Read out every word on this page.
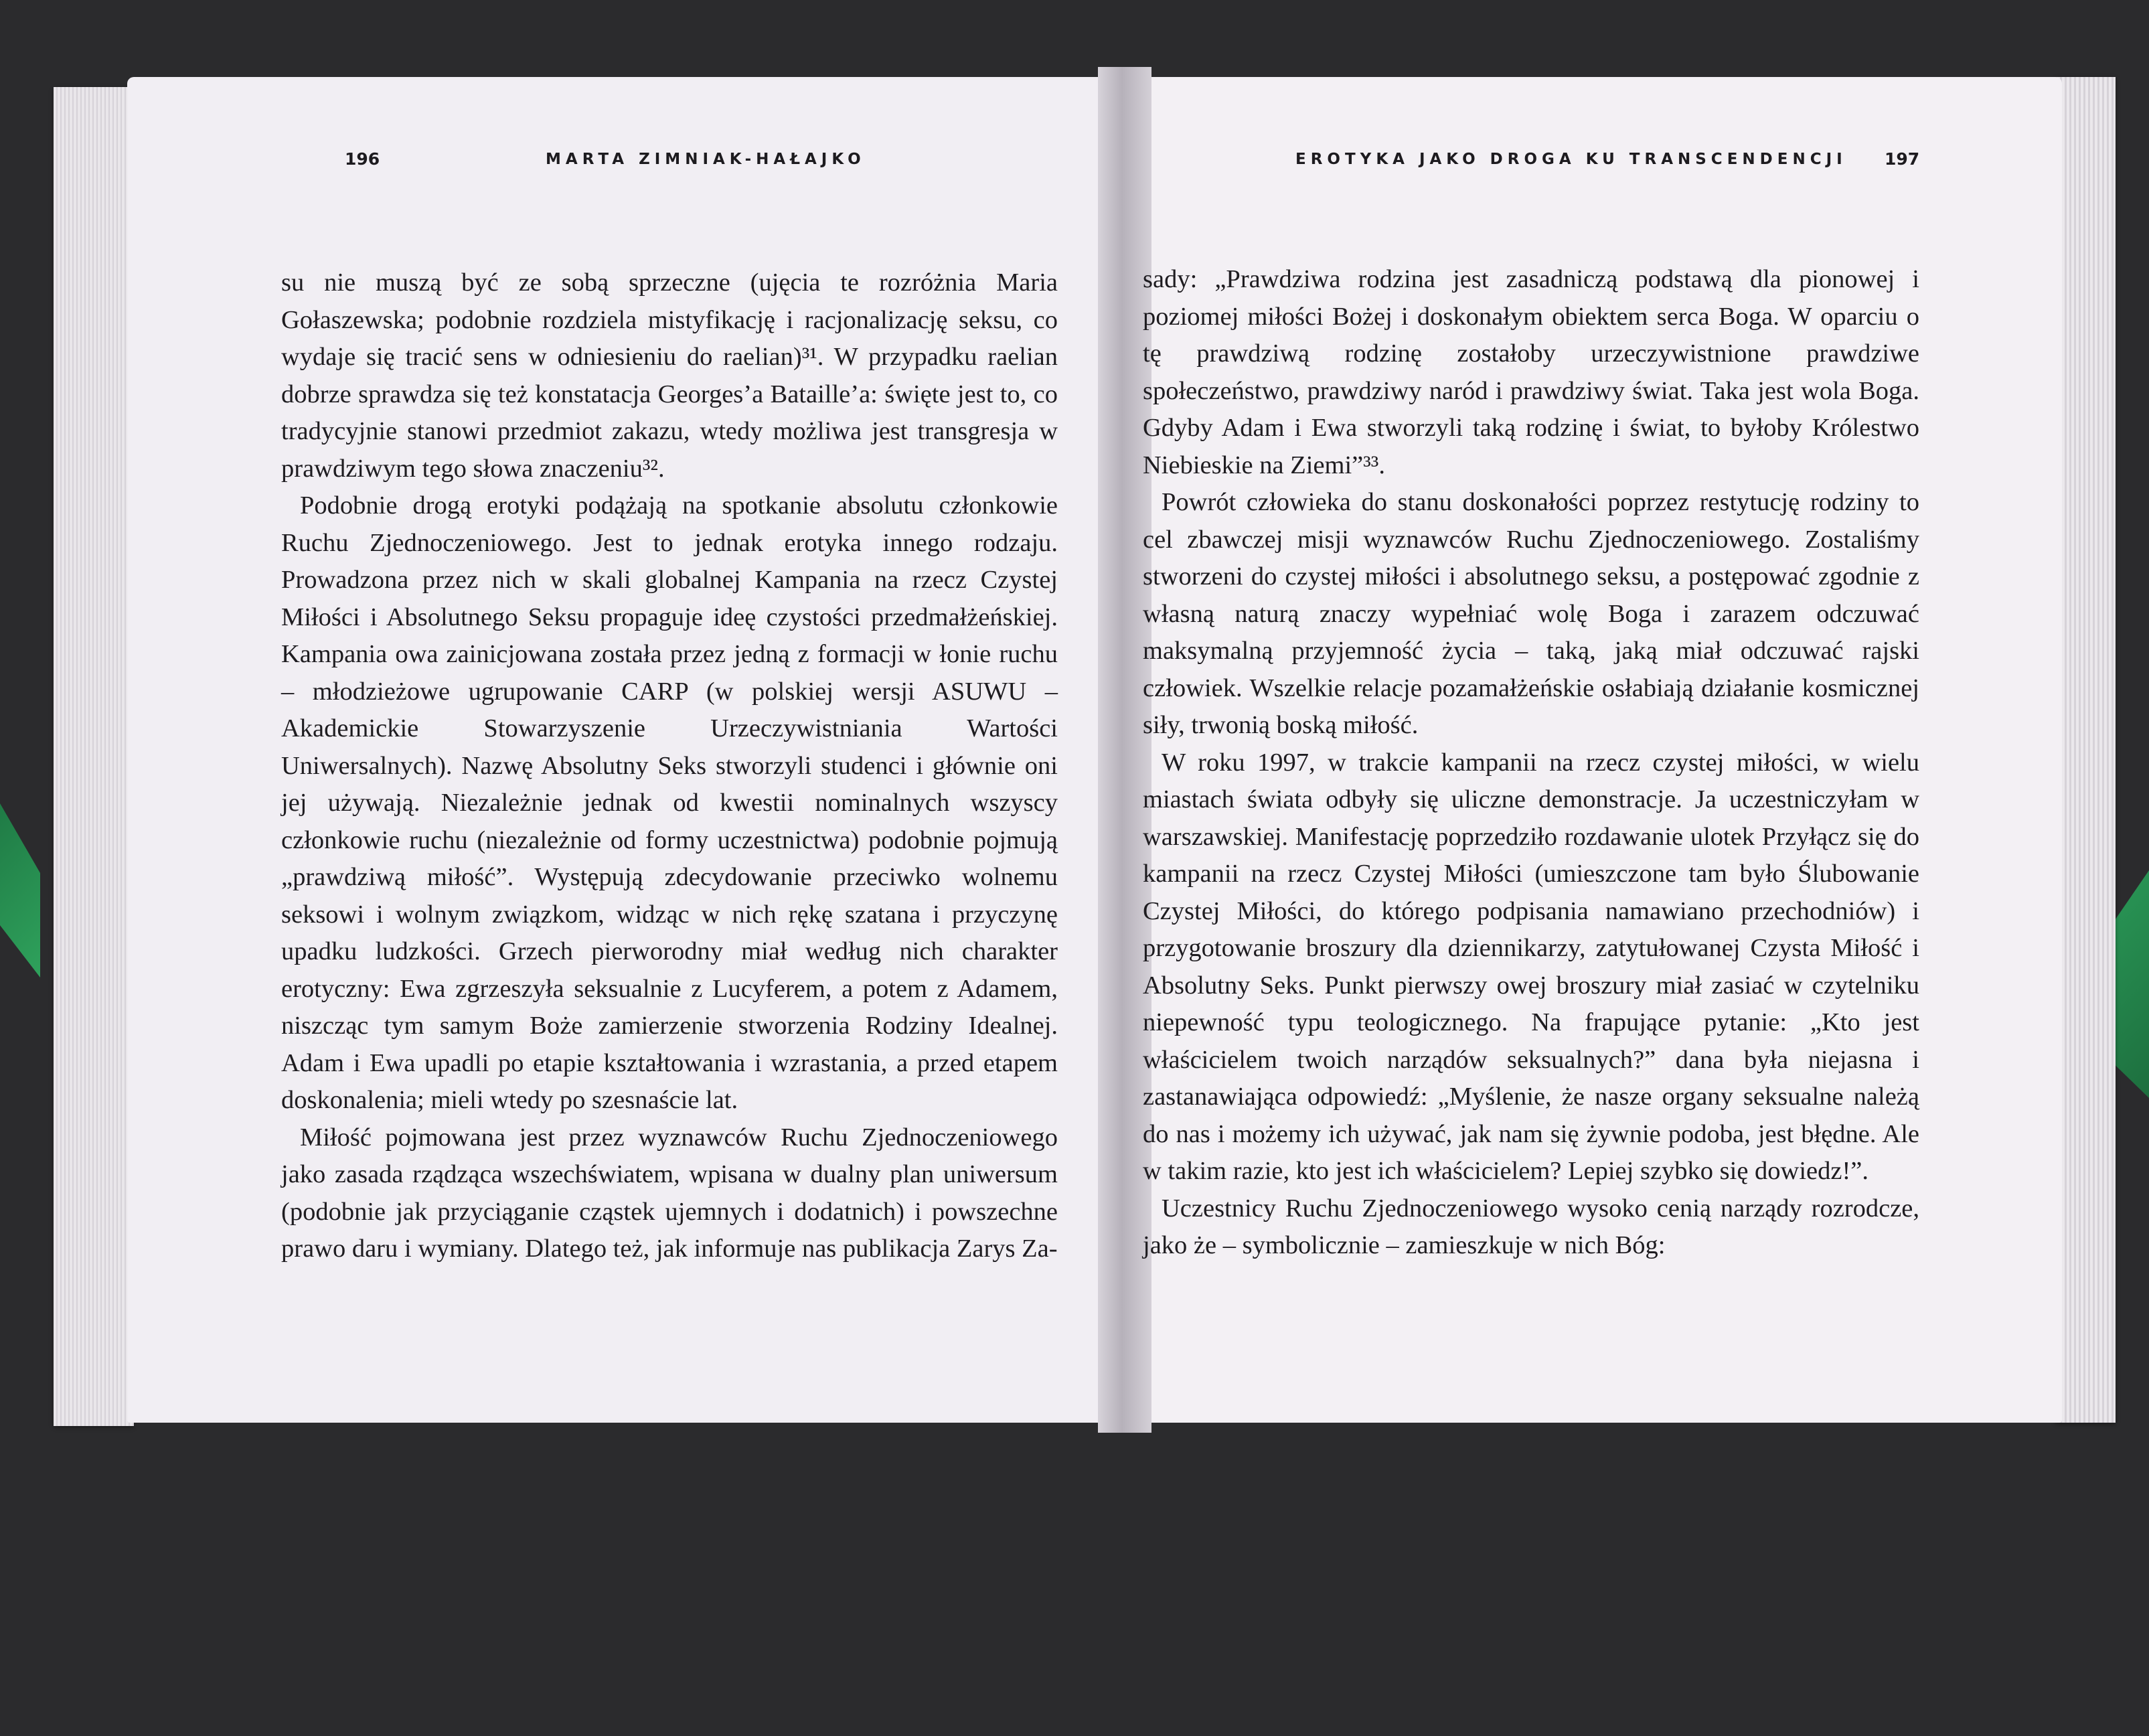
196	MARTA ZIMNIAK-HAŁAJKO	EROTYKA JAKO DROGA KU TRANSCENDENCJI 197

su nie muszą być ze sobą sprzeczne (ujęcia te rozróżnia Maria Gołaszewska; podobnie rozdziela mistyfikację i racjonalizację seksu, co wydaje się tracić sens w odniesieniu do raelian)³¹. W przypadku raelian dobrze sprawdza się też konstatacja Georges’a Bataille’a: święte jest to, co tradycyjnie stanowi przedmiot zakazu, wtedy możliwa jest transgresja w prawdziwym tego słowa znaczeniu³².

Podobnie drogą erotyki podążają na spotkanie absolutu członkowie Ruchu Zjednoczeniowego. Jest to jednak erotyka innego rodzaju. Prowadzona przez nich w skali globalnej Kampania na rzecz Czystej Miłości i Absolutnego Seksu propaguje ideę czystości przedmałżeńskiej. Kampania owa zainicjowana została przez jedną z formacji w łonie ruchu – młodzieżowe ugrupowanie CARP (w polskiej wersji ASUWU – Akademickie Stowarzyszenie Urzeczywistniania Wartości Uniwersalnych). Nazwę Absolutny Seks stworzyli studenci i głównie oni jej używają. Niezależnie jednak od kwestii nominalnych wszyscy członkowie ruchu (niezależnie od formy uczestnictwa) podobnie pojmują „prawdziwą miłość”. Występują zdecydowanie przeciwko wolnemu seksowi i wolnym związkom, widząc w nich rękę szatana i przyczynę upadku ludzkości. Grzech pierworodny miał według nich charakter erotyczny: Ewa zgrzeszyła seksualnie z Lucyferem, a potem z Adamem, niszcząc tym samym Boże zamierzenie stworzenia Rodziny Idealnej. Adam i Ewa upadli po etapie kształtowania i wzrastania, a przed etapem doskonalenia; mieli wtedy po szesnaście lat.

Miłość pojmowana jest przez wyznawców Ruchu Zjednoczeniowego jako zasada rządząca wszechświatem, wpisana w dualny plan uniwersum (podobnie jak przyciąganie cząstek ujemnych i dodatnich) i powszechne prawo daru i wymiany. Dlatego też, jak informuje nas publikacja Zarys Za-

sady: „Prawdziwa rodzina jest zasadniczą podstawą dla pionowej i poziomej miłości Bożej i doskonałym obiektem serca Boga. W oparciu o tę prawdziwą rodzinę zostałoby urzeczywistnione prawdziwe społeczeństwo, prawdziwy naród i prawdziwy świat. Taka jest wola Boga. Gdyby Adam i Ewa stworzyli taką rodzinę i świat, to byłoby Królestwo Niebieskie na Ziemi”³³.

Powrót człowieka do stanu doskonałości poprzez restytucję rodziny to cel zbawczej misji wyznawców Ruchu Zjednoczeniowego. Zostaliśmy stworzeni do czystej miłości i absolutnego seksu, a postępować zgodnie z własną naturą znaczy wypełniać wolę Boga i zarazem odczuwać maksymalną przyjemność życia – taką, jaką miał odczuwać rajski człowiek. Wszelkie relacje pozamałżeńskie osłabiają działanie kosmicznej siły, trwonią boską miłość.

W roku 1997, w trakcie kampanii na rzecz czystej miłości, w wielu miastach świata odbyły się uliczne demonstracje. Ja uczestniczyłam w warszawskiej. Manifestację poprzedziło rozdawanie ulotek Przyłącz się do kampanii na rzecz Czystej Miłości (umieszczone tam było Ślubowanie Czystej Miłości, do którego podpisania namawiano przechodniów) i przygotowanie broszury dla dziennikarzy, zatytułowanej Czysta Miłość i Absolutny Seks. Punkt pierwszy owej broszury miał zasiać w czytelniku niepewność typu teologicznego. Na frapujące pytanie: „Kto jest właścicielem twoich narządów seksualnych?” dana była niejasna i zastanawiająca odpowiedź: „Myślenie, że nasze organy seksualne należą do nas i możemy ich używać, jak nam się żywnie podoba, jest błędne. Ale w takim razie, kto jest ich właścicielem? Lepiej szybko się dowiedz!”.

Uczestnicy Ruchu Zjednoczeniowego wysoko cenią narządy rozrodcze, jako że – symbolicznie – zamieszkuje w nich Bóg:
